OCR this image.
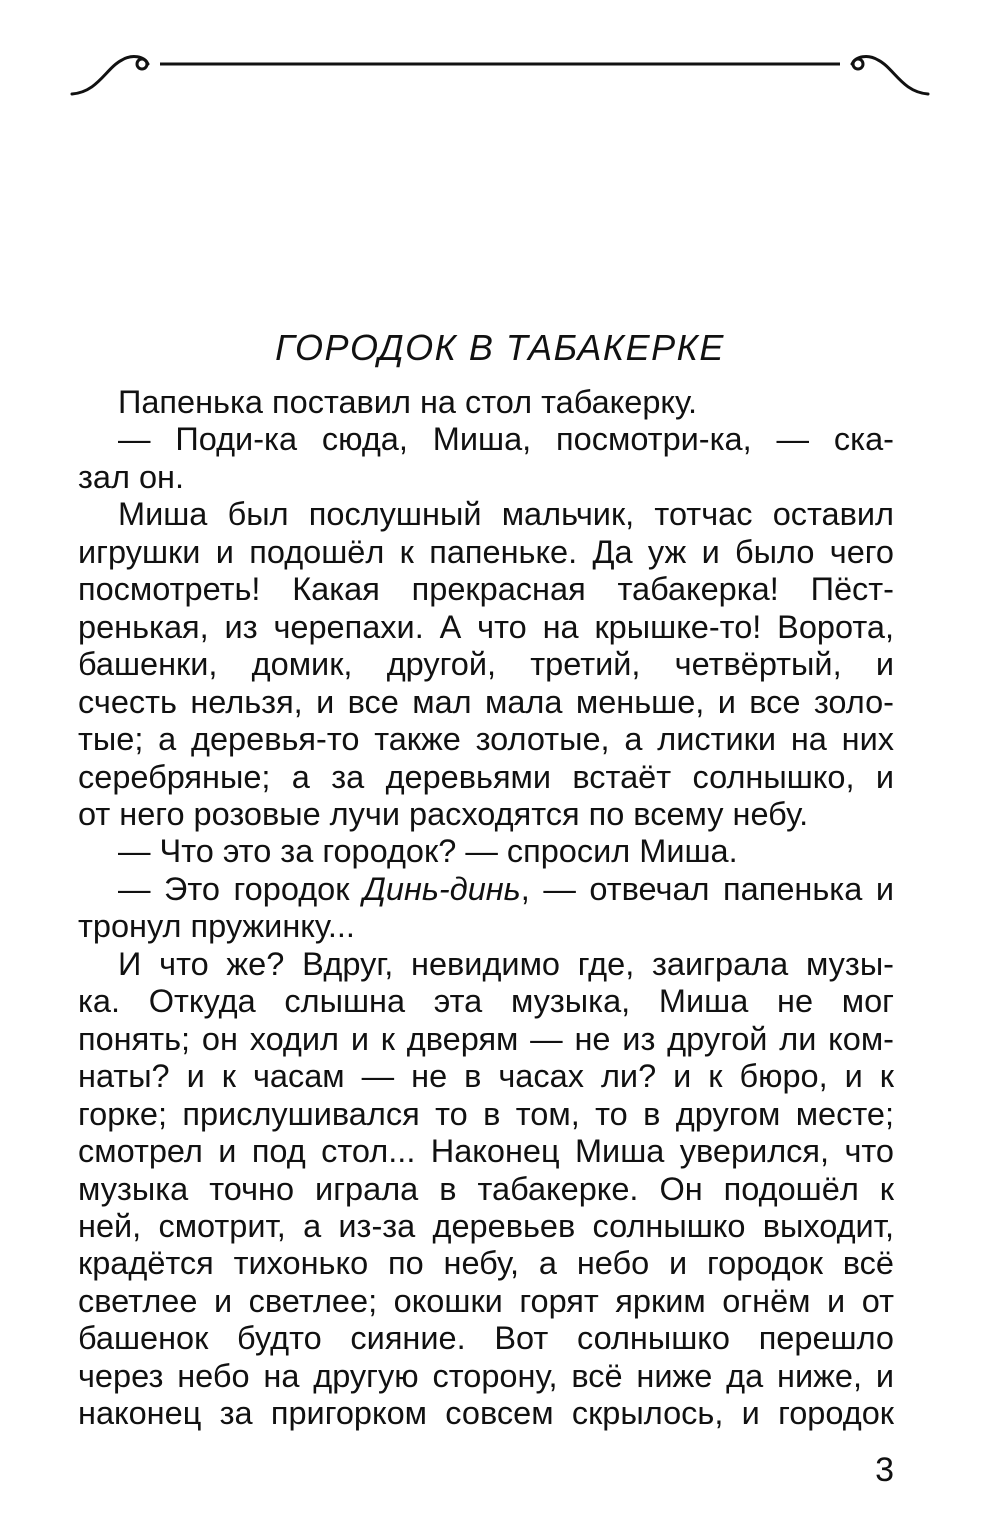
ГОРОДОК В ТАБАКЕРКЕ
Папенька поставил на стол табакерку.
— Поди-ка сюда, Миша, посмотри-ка, — ска-
зал он.
Миша был послушный мальчик, тотчас оставил
игрушки и подошёл к папеньке. Да уж и было чего
посмотреть! Какая прекрасная табакерка! Пёст-
ренькая, из черепахи. А что на крышке-то! Ворота,
башенки, домик, другой, третий, четвёртый, и
счесть нельзя, и все мал мала меньше, и все золо-
тые; а деревья-то также золотые, а листики на них
серебряные; а за деревьями встаёт солнышко, и
от него розовые лучи расходятся по всему небу.
— Что это за городок? — спросил Миша.
— Это городок Динь-динь, — отвечал папенька и
тронул пружинку...
И что же? Вдруг, невидимо где, заиграла музы-
ка. Откуда слышна эта музыка, Миша не мог
понять; он ходил и к дверям — не из другой ли ком-
наты? и к часам — не в часах ли? и к бюро, и к
горке; прислушивался то в том, то в другом месте;
смотрел и под стол... Наконец Миша уверился, что
музыка точно играла в табакерке. Он подошёл к
ней, смотрит, а из-за деревьев солнышко выходит,
крадётся тихонько по небу, а небо и городок всё
светлее и светлее; окошки горят ярким огнём и от
башенок будто сияние. Вот солнышко перешло
через небо на другую сторону, всё ниже да ниже, и
наконец за пригорком совсем скрылось, и городок
3
